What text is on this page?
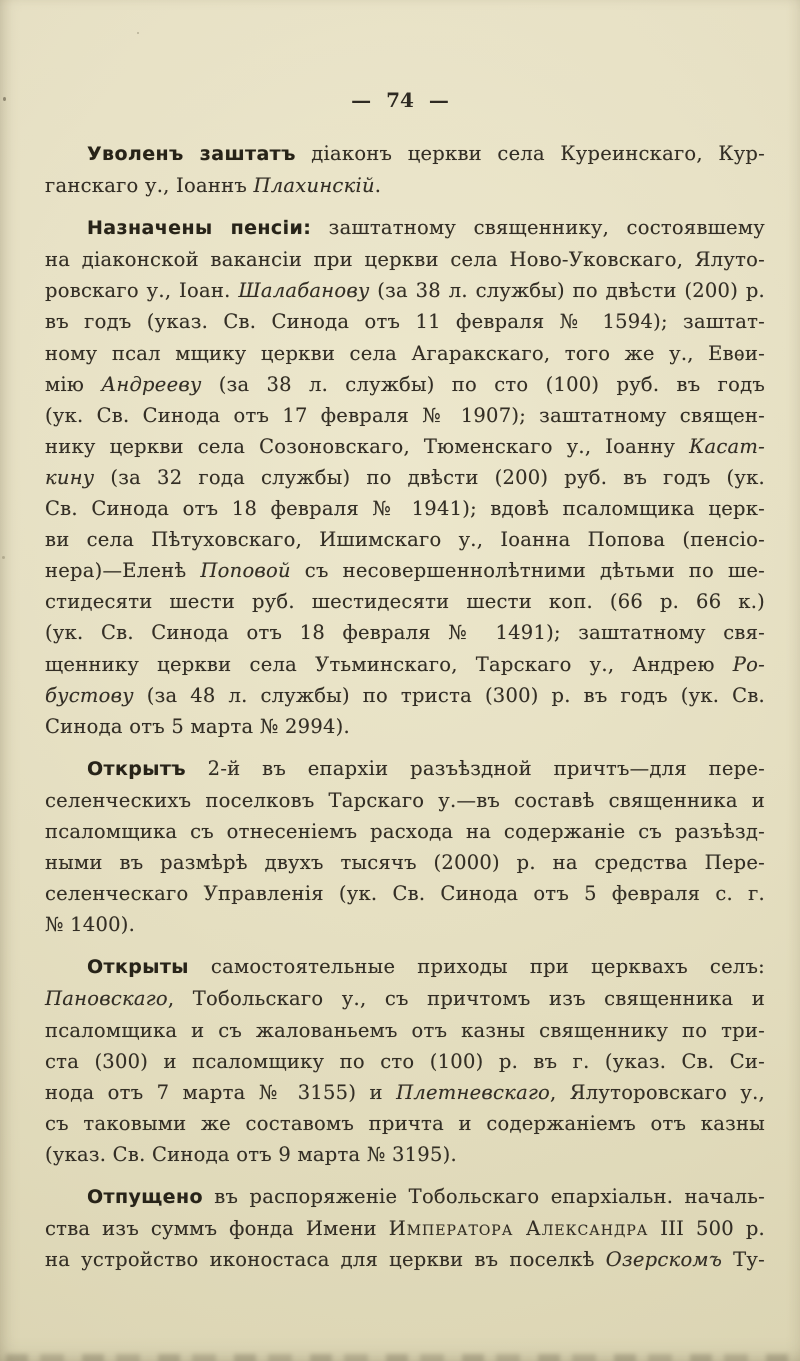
— 74 —
Уволенъ заштатъ діаконъ церкви села Куреинскаго, Кур-
ганскаго у., Іоаннъ Плахинскій.
Назначены пенсіи: заштатному священнику, состоявшему
на діаконской вакансіи при церкви села Ново-Уковскаго, Ялуто-
ровскаго у., Іоан. Шалабанову (за 38 л. службы) по двѣсти (200) р.
въ годъ (указ. Св. Синода отъ 11 февраля № 1594); заштат-
ному псал мщику церкви села Агаракскаго, того же у., Евѳи-
мію Андрееву (за 38 л. службы) по сто (100) руб. въ годъ
(ук. Св. Синода отъ 17 февраля № 1907); заштатному священ-
нику церкви села Созоновскаго, Тюменскаго у., Іоанну Касат-
кину (за 32 года службы) по двѣсти (200) руб. въ годъ (ук.
Св. Синода отъ 18 февраля № 1941); вдовѣ псаломщика церк-
ви села Пѣтуховскаго, Ишимскаго у., Іоанна Попова (пенсіо-
нера)—Еленѣ Поповой съ несовершеннолѣтними дѣтьми по ше-
стидесяти шести руб. шестидесяти шести коп. (66 р. 66 к.)
(ук. Св. Синода отъ 18 февраля № 1491); заштатному свя-
щеннику церкви села Утьминскаго, Тарскаго у., Андрею Ро-
бустову (за 48 л. службы) по триста (300) р. въ годъ (ук. Св.
Синода отъ 5 марта № 2994).
Открытъ 2-й въ епархіи разъѣздной причтъ—для пере-
селенческихъ поселковъ Тарскаго у.—въ составѣ священника и
псаломщика съ отнесеніемъ расхода на содержаніе съ разъѣзд-
ными въ размѣрѣ двухъ тысячъ (2000) р. на средства Пере-
селенческаго Управленія (ук. Св. Синода отъ 5 февраля с. г.
№ 1400).
Открыты самостоятельные приходы при церквахъ селъ:
Пановскаго, Тобольскаго у., съ причтомъ изъ священника и
псаломщика и съ жалованьемъ отъ казны священнику по три-
ста (300) и псаломщику по сто (100) р. въ г. (указ. Св. Си-
нода отъ 7 марта № 3155) и Плетневскаго, Ялуторовскаго у.,
съ таковыми же составомъ причта и содержаніемъ отъ казны
(указ. Св. Синода отъ 9 марта № 3195).
Отпущено въ распоряженіе Тобольскаго епархіальн. началь-
ства изъ суммъ фонда Имени Императора Александра III 500 р.
на устройство иконостаса для церкви въ поселкѣ Озерскомъ Ту-
